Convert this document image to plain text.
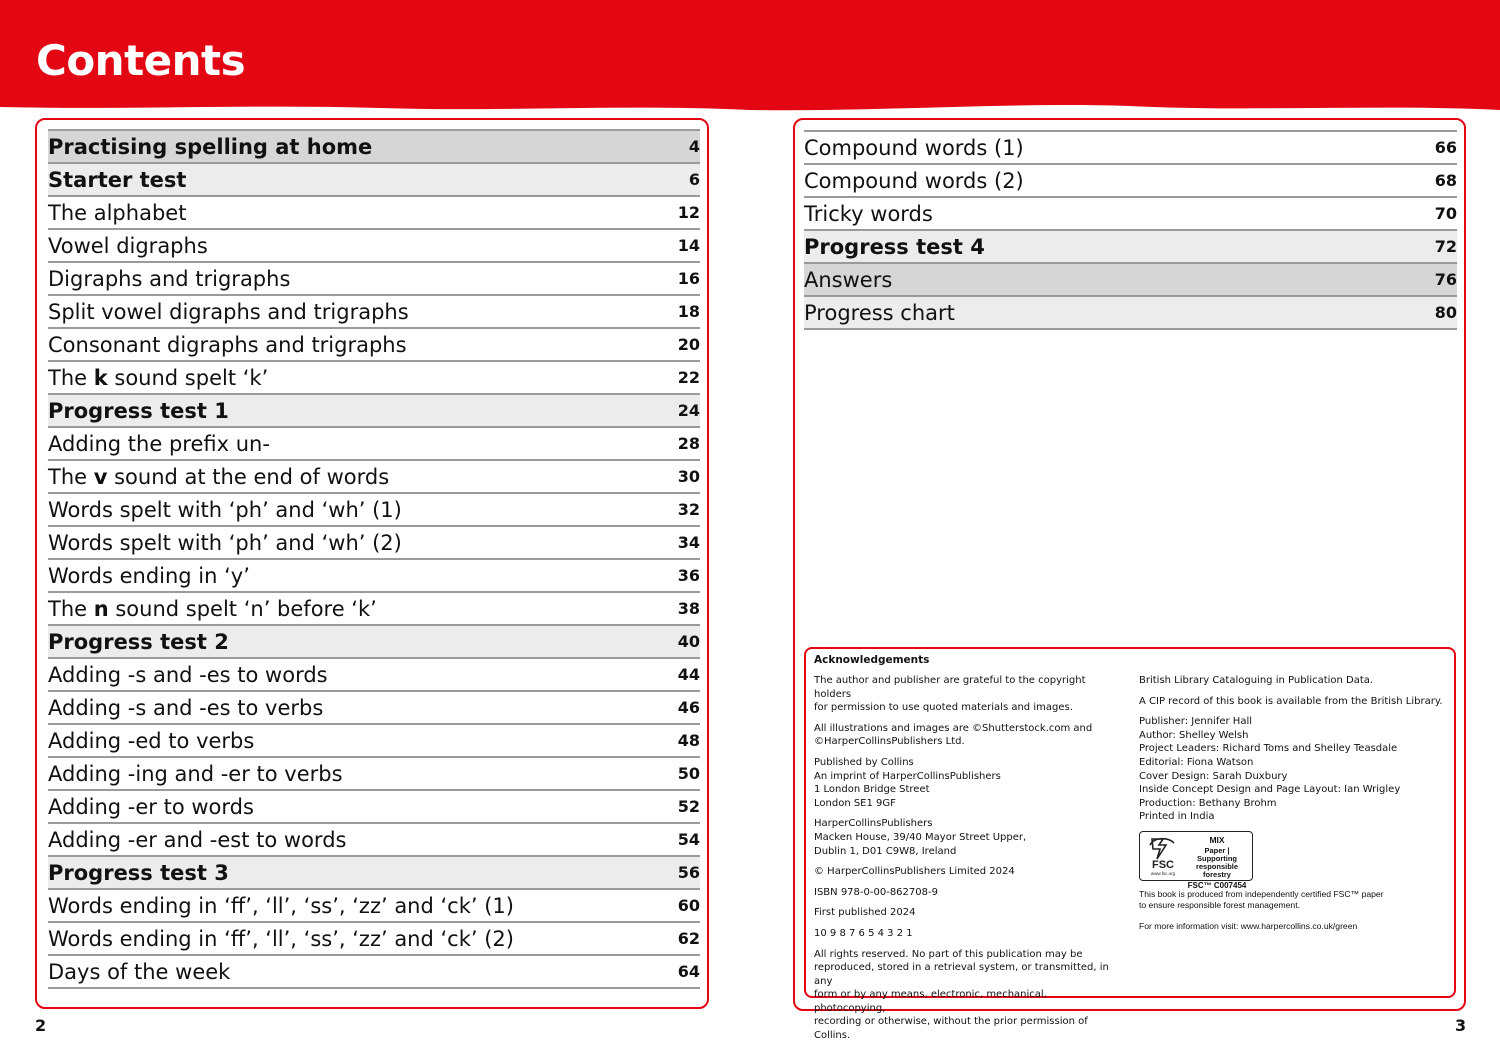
Contents
Practising spelling at home	4
Starter test	6
The alphabet	12
Vowel digraphs	14
Digraphs and trigraphs	16
Split vowel digraphs and trigraphs	18
Consonant digraphs and trigraphs	20
The k sound spelt ‘k’	22
Progress test 1	24
Adding the prefix un-	28
The v sound at the end of words	30
Words spelt with ‘ph’ and ‘wh’ (1)	32
Words spelt with ‘ph’ and ‘wh’ (2)	34
Words ending in ‘y’	36
The n sound spelt ‘n’ before ‘k’	38
Progress test 2	40
Adding -s and -es to words	44
Adding -s and -es to verbs	46
Adding -ed to verbs	48
Adding -ing and -er to verbs	50
Adding -er to words	52
Adding -er and -est to words	54
Progress test 3	56
Words ending in ‘ff’, ‘ll’, ‘ss’, ‘zz’ and ‘ck’ (1)	60
Words ending in ‘ff’, ‘ll’, ‘ss’, ‘zz’ and ‘ck’ (2)	62
Days of the week	64
Compound words (1)	66
Compound words (2)	68
Tricky words	70
Progress test 4	72
Answers	76
Progress chart	80
Acknowledgements

The author and publisher are grateful to the copyright holders
for permission to use quoted materials and images.

All illustrations and images are ©Shutterstock.com and
©HarperCollinsPublishers Ltd.

Published by Collins
An imprint of HarperCollinsPublishers
1 London Bridge Street
London SE1 9GF

HarperCollinsPublishers
Macken House, 39/40 Mayor Street Upper,
Dublin 1, D01 C9W8, Ireland

© HarperCollinsPublishers Limited 2024

ISBN 978-0-00-862708-9

First published 2024

10 9 8 7 6 5 4 3 2 1

All rights reserved. No part of this publication may be
reproduced, stored in a retrieval system, or transmitted, in any
form or by any means, electronic, mechanical, photocopying,
recording or otherwise, without the prior permission of Collins.

British Library Cataloguing in Publication Data.

A CIP record of this book is available from the British Library.

Publisher: Jennifer Hall
Author: Shelley Welsh
Project Leaders: Richard Toms and Shelley Teasdale
Editorial: Fiona Watson
Cover Design: Sarah Duxbury
Inside Concept Design and Page Layout: Ian Wrigley
Production: Bethany Brohm
Printed in India

FSC
www.fsc.org
MIX
Paper | Supporting
responsible forestry
FSC™ C007454
This book is produced from independently certified FSC™ paper
to ensure responsible forest management.
For more information visit: www.harpercollins.co.uk/green
2	3
